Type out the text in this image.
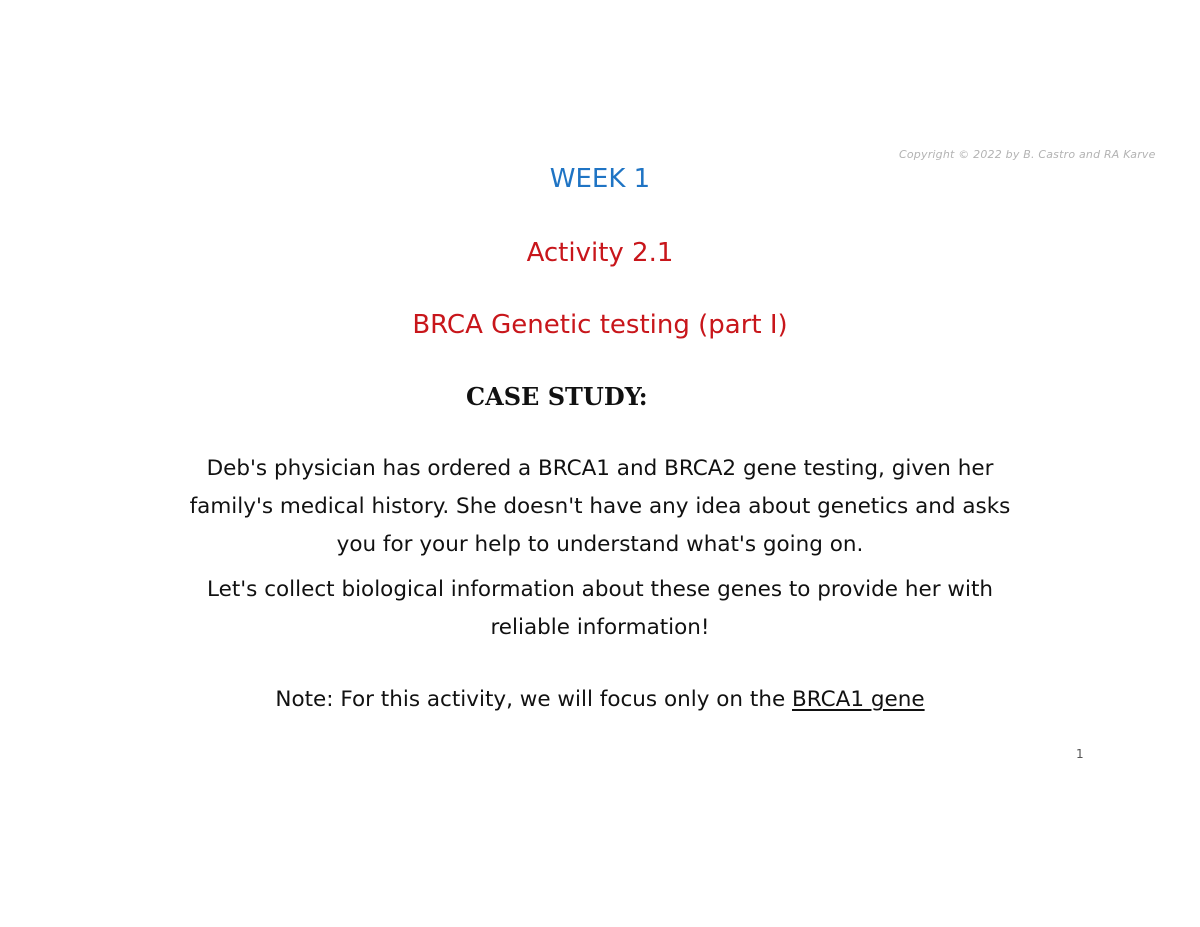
Copyright © 2022 by B. Castro and RA Karve
WEEK 1
Activity 2.1
BRCA Genetic testing (part I)
CASE STUDY:
Deb's physician has ordered a BRCA1 and BRCA2 gene testing, given her
family's medical history. She doesn't have any idea about genetics and asks
you for your help to understand what's going on.
Let's collect biological information about these genes to provide her with
reliable information!
Note: For this activity, we will focus only on the BRCA1 gene
1
